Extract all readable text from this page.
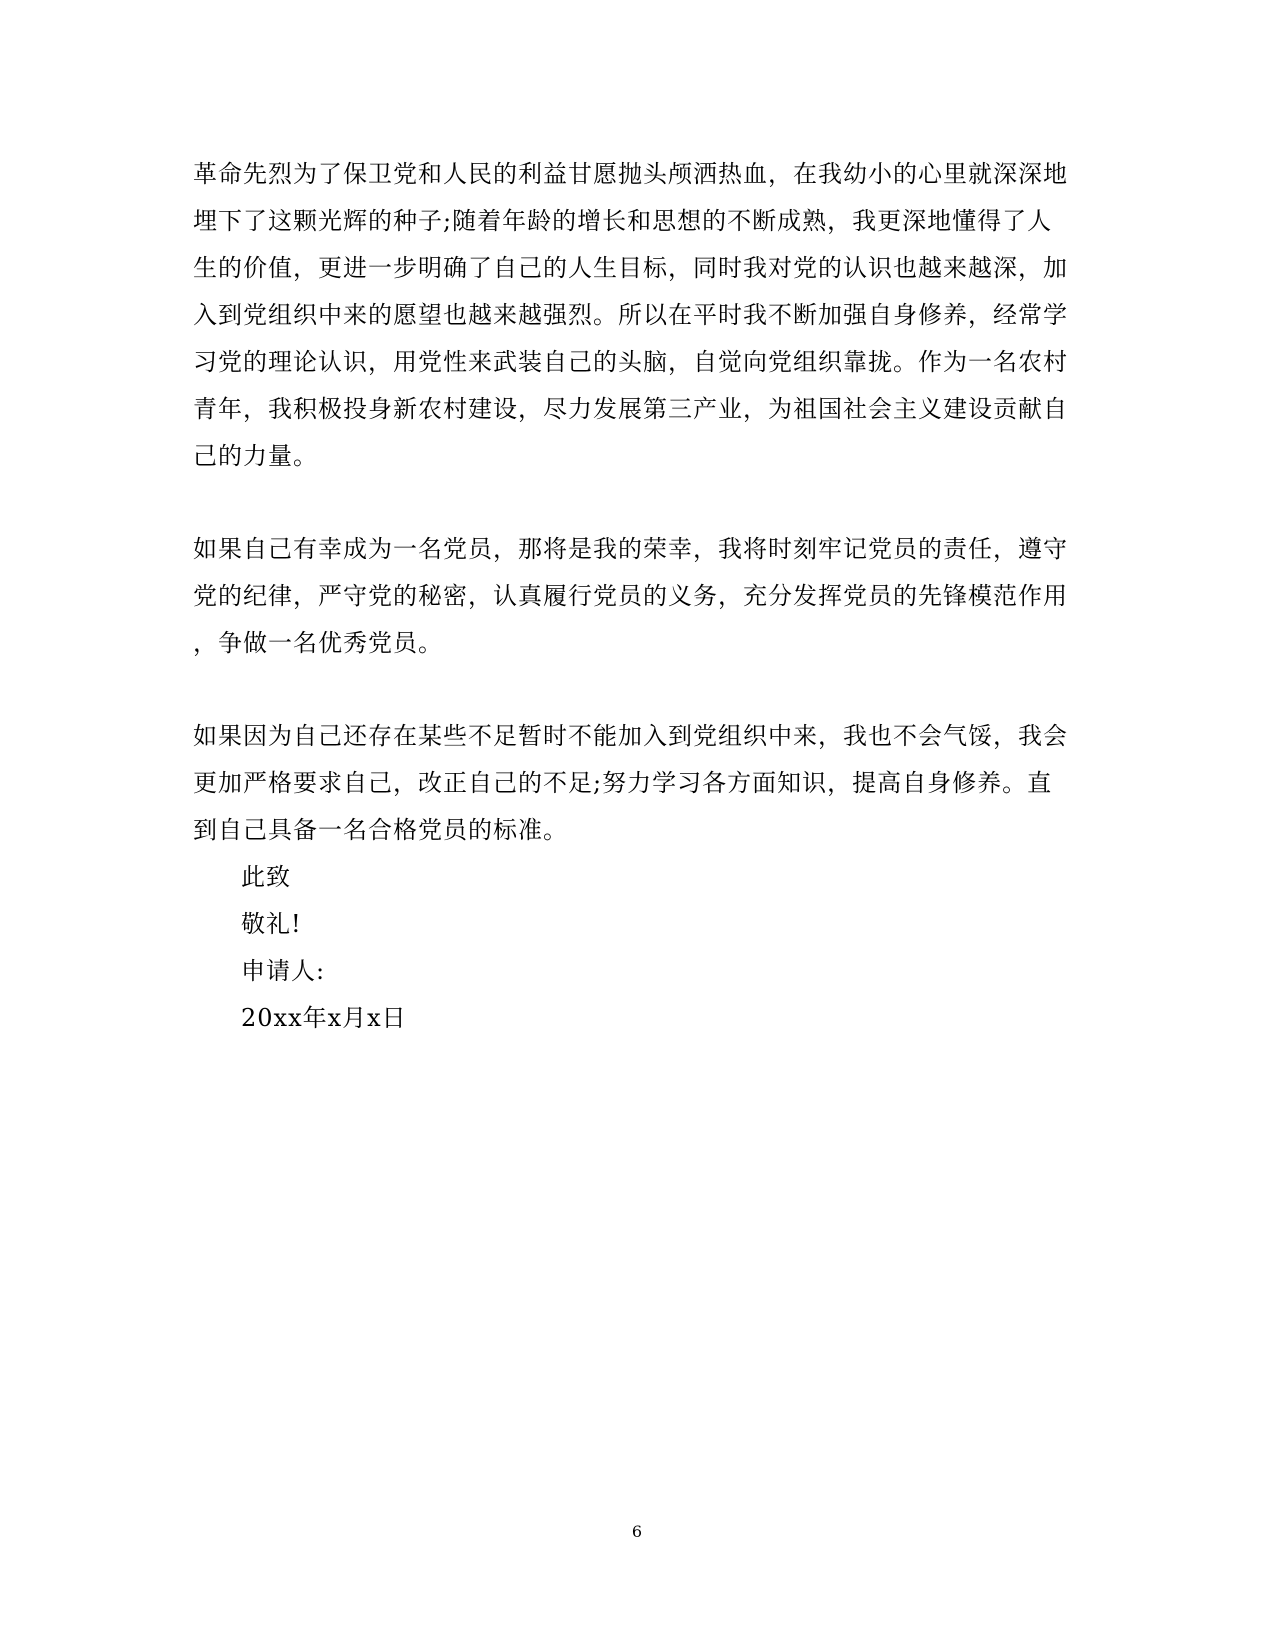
革命先烈为了保卫党和人民的利益甘愿抛头颅洒热血，在我幼小的心里就深深地
埋下了这颗光辉的种子;随着年龄的增长和思想的不断成熟，我更深地懂得了人
生的价值，更进一步明确了自己的人生目标，同时我对党的认识也越来越深，加
入到党组织中来的愿望也越来越强烈。所以在平时我不断加强自身修养，经常学
习党的理论认识，用党性来武装自己的头脑，自觉向党组织靠拢。作为一名农村
青年，我积极投身新农村建设，尽力发展第三产业，为祖国社会主义建设贡献自
己的力量。
如果自己有幸成为一名党员，那将是我的荣幸，我将时刻牢记党员的责任，遵守
党的纪律，严守党的秘密，认真履行党员的义务，充分发挥党员的先锋模范作用
，争做一名优秀党员。
如果因为自己还存在某些不足暂时不能加入到党组织中来，我也不会气馁，我会
更加严格要求自己，改正自己的不足;努力学习各方面知识，提高自身修养。直
到自己具备一名合格党员的标准。
此致
敬礼!
申请人:
20xx年x月x日
6
